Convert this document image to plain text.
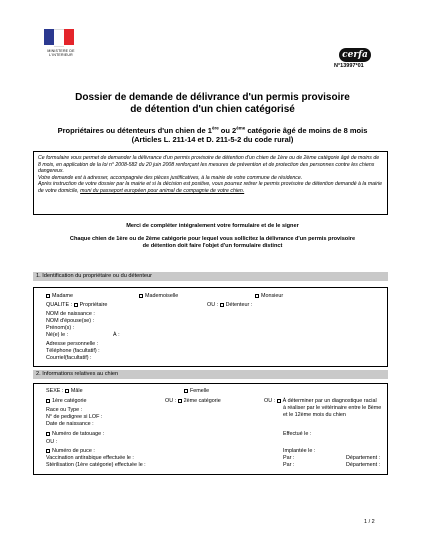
MINISTERE DE L'INTERIEUR	cerfa
N°13997*01
Dossier de demande de délivrance d'un permis provisoire
de détention d'un chien catégorisé
Propriétaires ou détenteurs d'un chien de 1ère ou 2ème catégorie âgé de moins de 8 mois
(Articles L. 211-14 et D. 211-5-2 du code rural)

Ce formulaire vous permet de demander la délivrance d'un permis provisoire de détention d'un chien de 1ère ou de 2ème catégorie âgé de moins de 8 mois, en application de la loi n° 2008-582 du 20 juin 2008 renforçant les mesures de prévention et de protection des personnes contre les chiens dangereux.

Votre demande est à adresser, accompagnée des pièces justificatives, à la mairie de votre commune de résidence.

Après instruction de votre dossier par la mairie et si la décision est positive, vous pourrez retirer le permis provisoire de détention demandé à la mairie de votre domicile, muni du passeport européen pour animal de compagnie de votre chien.

Merci de compléter intégralement votre formulaire et de le signer
Chaque chien de 1ère ou de 2ème catégorie pour lequel vous sollicitez la délivrance d'un permis provisoire
de détention doit faire l'objet d'un formulaire distinct
1. Identification du propriétaire ou du détenteur
Madame	Mademoiselle	Monsieur
QUALITE : Propriétaire	OU : Détenteur :
NOM de naissance :
NOM d'épouse(se) :
Prénom(s) :
Né(e) le :	À :
Adresse personnelle :
Téléphone (facultatif) :
Courriel(facultatif) :
2. Informations relatives au chien
SEXE : Mâle	Femelle
1ère catégorie	OU : 2ème catégorie	OU : À déterminer par un diagnostique racial
à réaliser par le vétérinaire entre le 8ème
et le 12ème mois du chien
Race ou Type :
N° de pedigree si LOF :
Date de naissance :
Numéro de tatouage :	Effectué le :
OU :
Numéro de puce :	Implantée le :
Vaccination antirabique effectuée le :	Par :	Département :
Stérilisation (1ère catégorie) effectuée le :	Par :	Département :
1 / 2
